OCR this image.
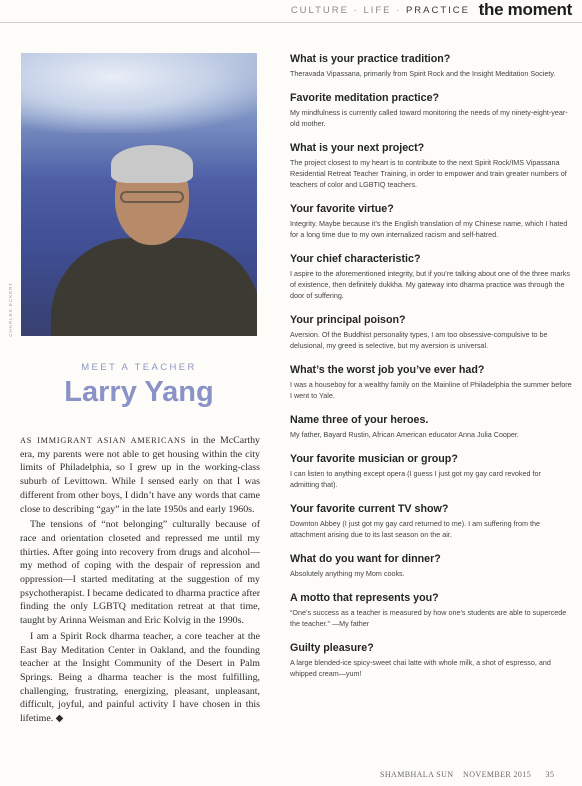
CULTURE · LIFE · PRACTICE the moment
CHARLES ECKERT
MEET A TEACHER
Larry Yang

AS IMMIGRANT ASIAN AMERICANS in the McCarthy era, my parents were not able to get housing within the city limits of Philadelphia, so I grew up in the working-class suburb of Levittown. While I sensed early on that I was different from other boys, I didn’t have any words that came close to describing “gay” in the late 1950s and early 1960s.

The tensions of “not belonging” culturally because of race and orientation closeted and repressed me until my thirties. After going into recovery from drugs and alcohol—my method of coping with the despair of repression and oppression—I started meditating at the suggestion of my psychotherapist. I became dedicated to dharma practice after finding the only LGBTQ meditation retreat at that time, taught by Arinna Weisman and Eric Kolvig in the 1990s.

I am a Spirit Rock dharma teacher, a core teacher at the East Bay Meditation Center in Oakland, and the founding teacher at the Insight Community of the Desert in Palm Springs. Being a dharma teacher is the most fulfilling, challenging, frustrating, energizing, pleasant, unpleasant, difficult, joyful, and painful activity I have chosen in this lifetime. ◆

What is your practice tradition?
Theravada Vipassana, primarily from Spirit Rock and the Insight Meditation Society.
Favorite meditation practice?
My mindfulness is currently called toward monitoring the needs of my ninety-eight-year-old mother.
What is your next project?
The project closest to my heart is to contribute to the next Spirit Rock/IMS Vipassana Residential Retreat Teacher Training, in order to empower and train greater numbers of teachers of color and LGBTIQ teachers.
Your favorite virtue?
Integrity. Maybe because it’s the English translation of my Chinese name, which I hated for a long time due to my own internalized racism and self-hatred.
Your chief characteristic?
I aspire to the aforementioned integrity, but if you’re talking about one of the three marks of existence, then definitely dukkha. My gateway into dharma practice was through the door of suffering.
Your principal poison?
Aversion. Of the Buddhist personality types, I am too obsessive-compulsive to be delusional, my greed is selective, but my aversion is universal.
What’s the worst job you’ve ever had?
I was a houseboy for a wealthy family on the Mainline of Philadelphia the summer before I went to Yale.
Name three of your heroes.
My father, Bayard Rustin, African American educator Anna Julia Cooper.
Your favorite musician or group?
I can listen to anything except opera (I guess I just got my gay card revoked for admitting that).
Your favorite current TV show?
Downton Abbey (I just got my gay card returned to me). I am suffering from the attachment arising due to its last season on the air.
What do you want for dinner?
Absolutely anything my Mom cooks.
A motto that represents you?
“One’s success as a teacher is measured by how one’s students are able to supercede the teacher.” —My father
Guilty pleasure?
A large blended-ice spicy-sweet chai latte with whole milk, a shot of espresso, and whipped cream—yum!
SHAMBHALA SUN NOVEMBER 2015 35
